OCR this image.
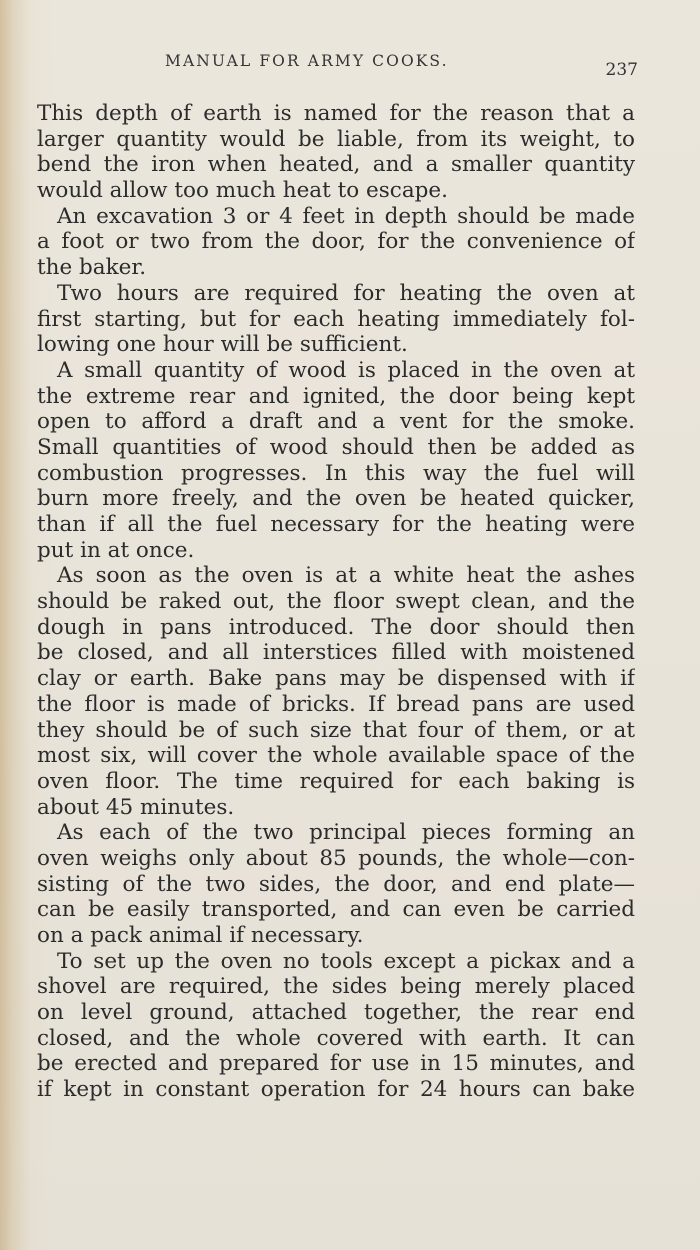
MANUAL FOR ARMY COOKS.	237

This depth of earth is named for the reason that a
larger quantity would be liable, from its weight, to
bend the iron when heated, and a smaller quantity
would allow too much heat to escape.

An excavation 3 or 4 feet in depth should be made
a foot or two from the door, for the convenience of
the baker.

Two hours are required for heating the oven at
first starting, but for each heating immediately fol-
lowing one hour will be sufficient.

A small quantity of wood is placed in the oven at
the extreme rear and ignited, the door being kept
open to afford a draft and a vent for the smoke.
Small quantities of wood should then be added as
combustion progresses. In this way the fuel will
burn more freely, and the oven be heated quicker,
than if all the fuel necessary for the heating were
put in at once.

As soon as the oven is at a white heat the ashes
should be raked out, the floor swept clean, and the
dough in pans introduced. The door should then
be closed, and all interstices filled with moistened
clay or earth. Bake pans may be dispensed with if
the floor is made of bricks. If bread pans are used
they should be of such size that four of them, or at
most six, will cover the whole available space of the
oven floor. The time required for each baking is
about 45 minutes.

As each of the two principal pieces forming an
oven weighs only about 85 pounds, the whole—con-
sisting of the two sides, the door, and end plate—
can be easily transported, and can even be carried
on a pack animal if necessary.

To set up the oven no tools except a pickax and a
shovel are required, the sides being merely placed
on level ground, attached together, the rear end
closed, and the whole covered with earth. It can
be erected and prepared for use in 15 minutes, and
if kept in constant operation for 24 hours can bake
